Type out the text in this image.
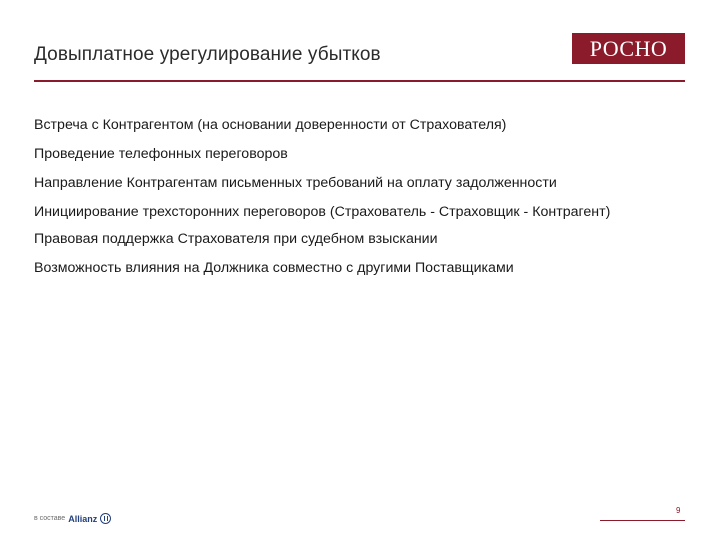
Довыплатное урегулирование убытков	РОСНО
Встреча с Контрагентом (на основании доверенности от Страхователя)
Проведение телефонных переговоров
Направление Контрагентам письменных требований на оплату задолженности
Инициирование трехсторонних переговоров (Страхователь - Страховщик - Контрагент)
Правовая поддержка Страхователя при судебном взыскании
Возможность влияния на Должника совместно с другими Поставщиками
в составе Allianz
9
